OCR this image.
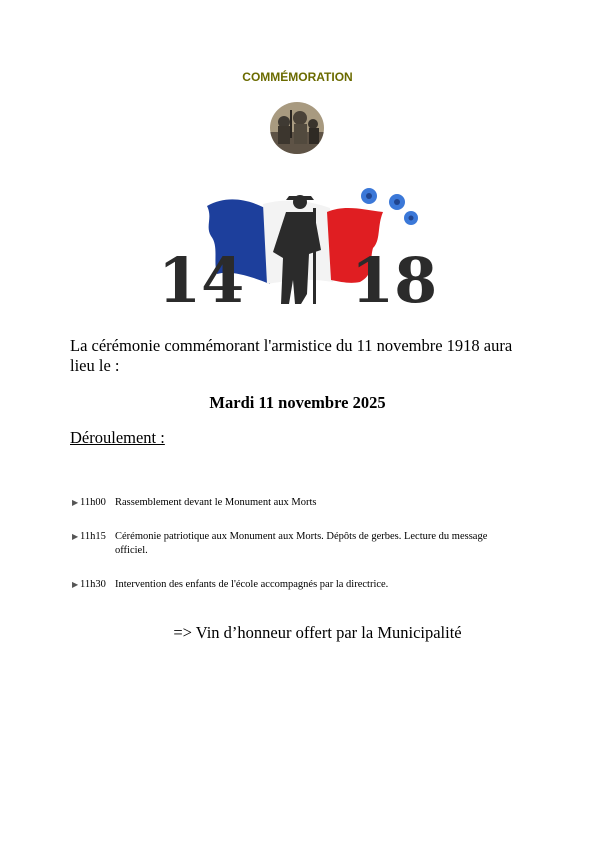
COMMÉMORATION
14 18
La cérémonie commémorant l'armistice du 11 novembre 1918 aura lieu le :
Mardi 11 novembre 2025
Déroulement :
▶ 11h00 Rassemblement devant le Monument aux Morts
▶ 11h15 Cérémonie patriotique aux Monument aux Morts. Dépôts de gerbes. Lecture du message officiel.
▶ 11h30 Intervention des enfants de l'école accompagnés par la directrice.
=> Vin d’honneur offert par la Municipalité
